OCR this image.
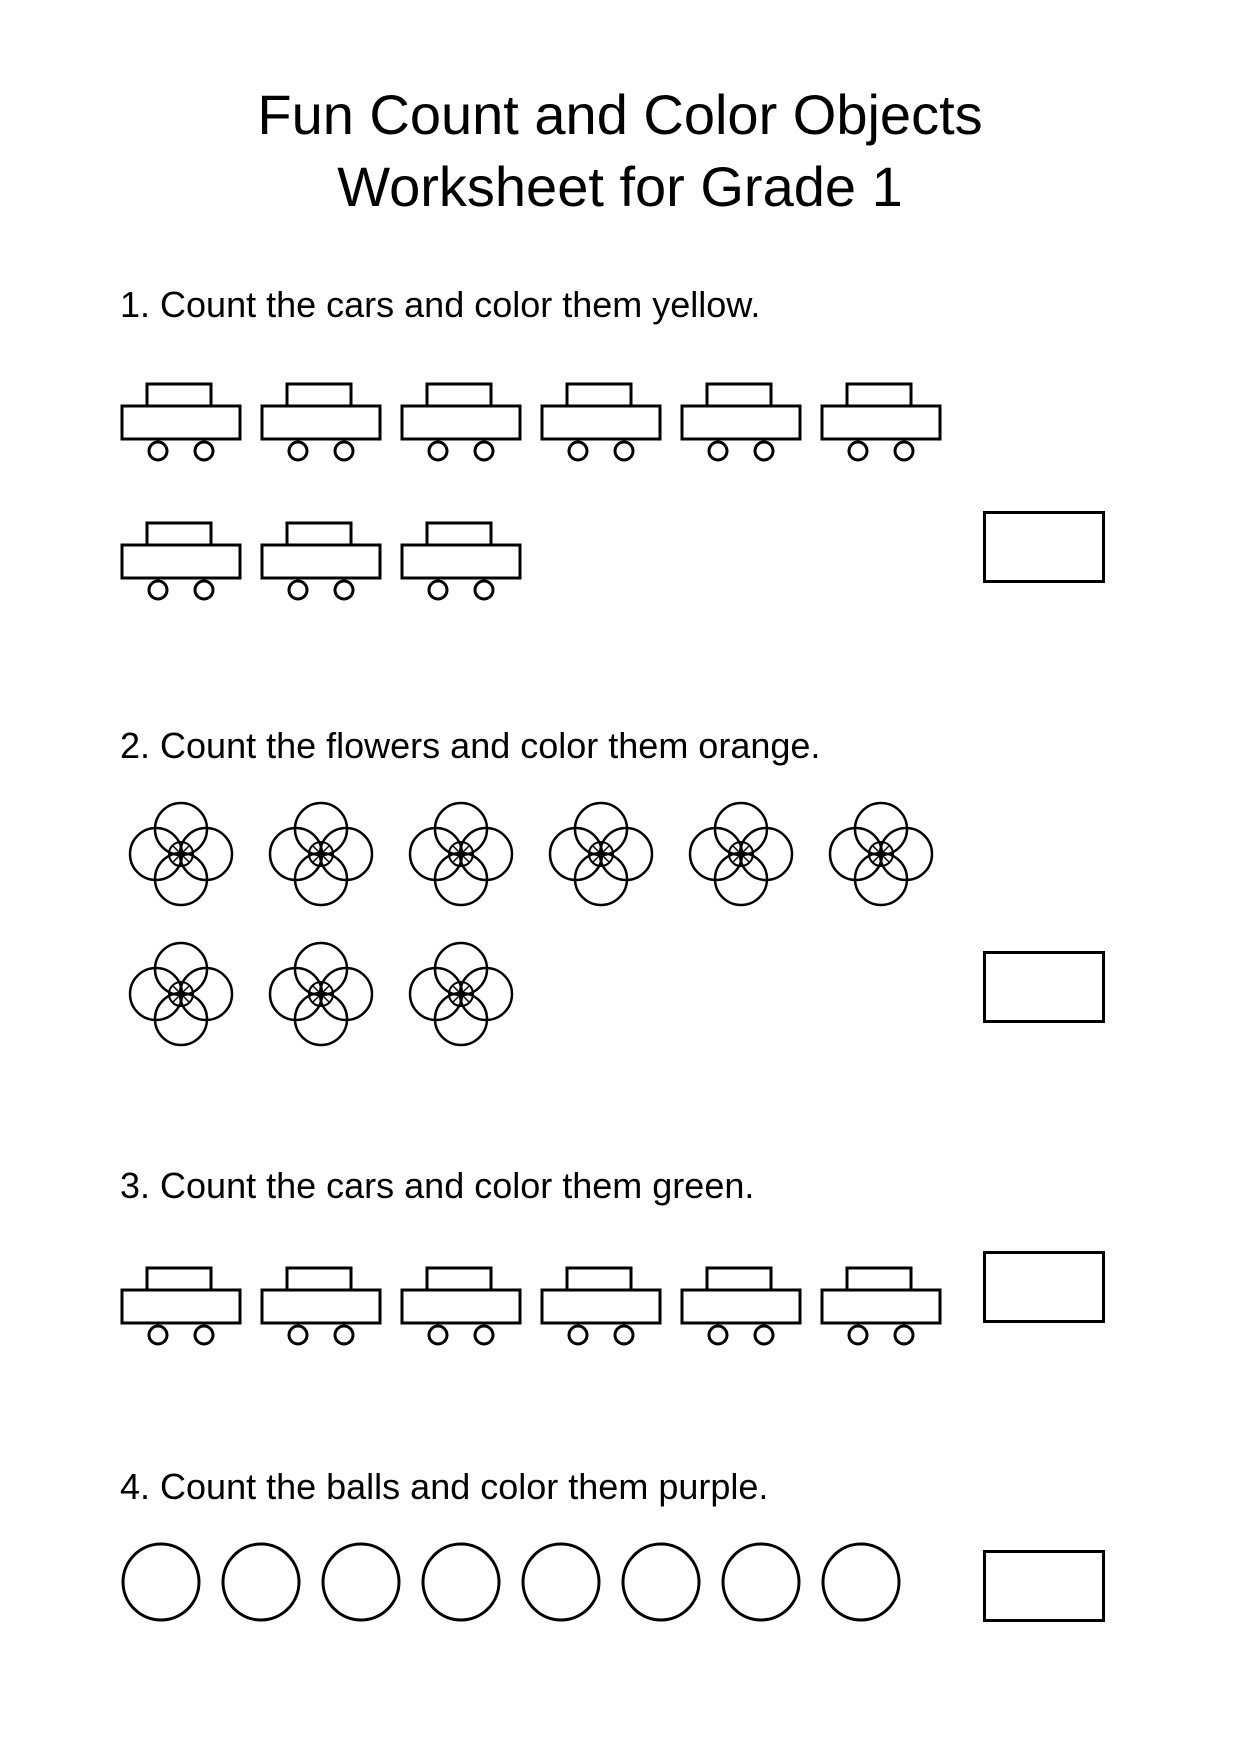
Fun Count and Color Objects
Worksheet for Grade 1
1. Count the cars and color them yellow.
2. Count the flowers and color them orange.
3. Count the cars and color them green.
4. Count the balls and color them purple.
